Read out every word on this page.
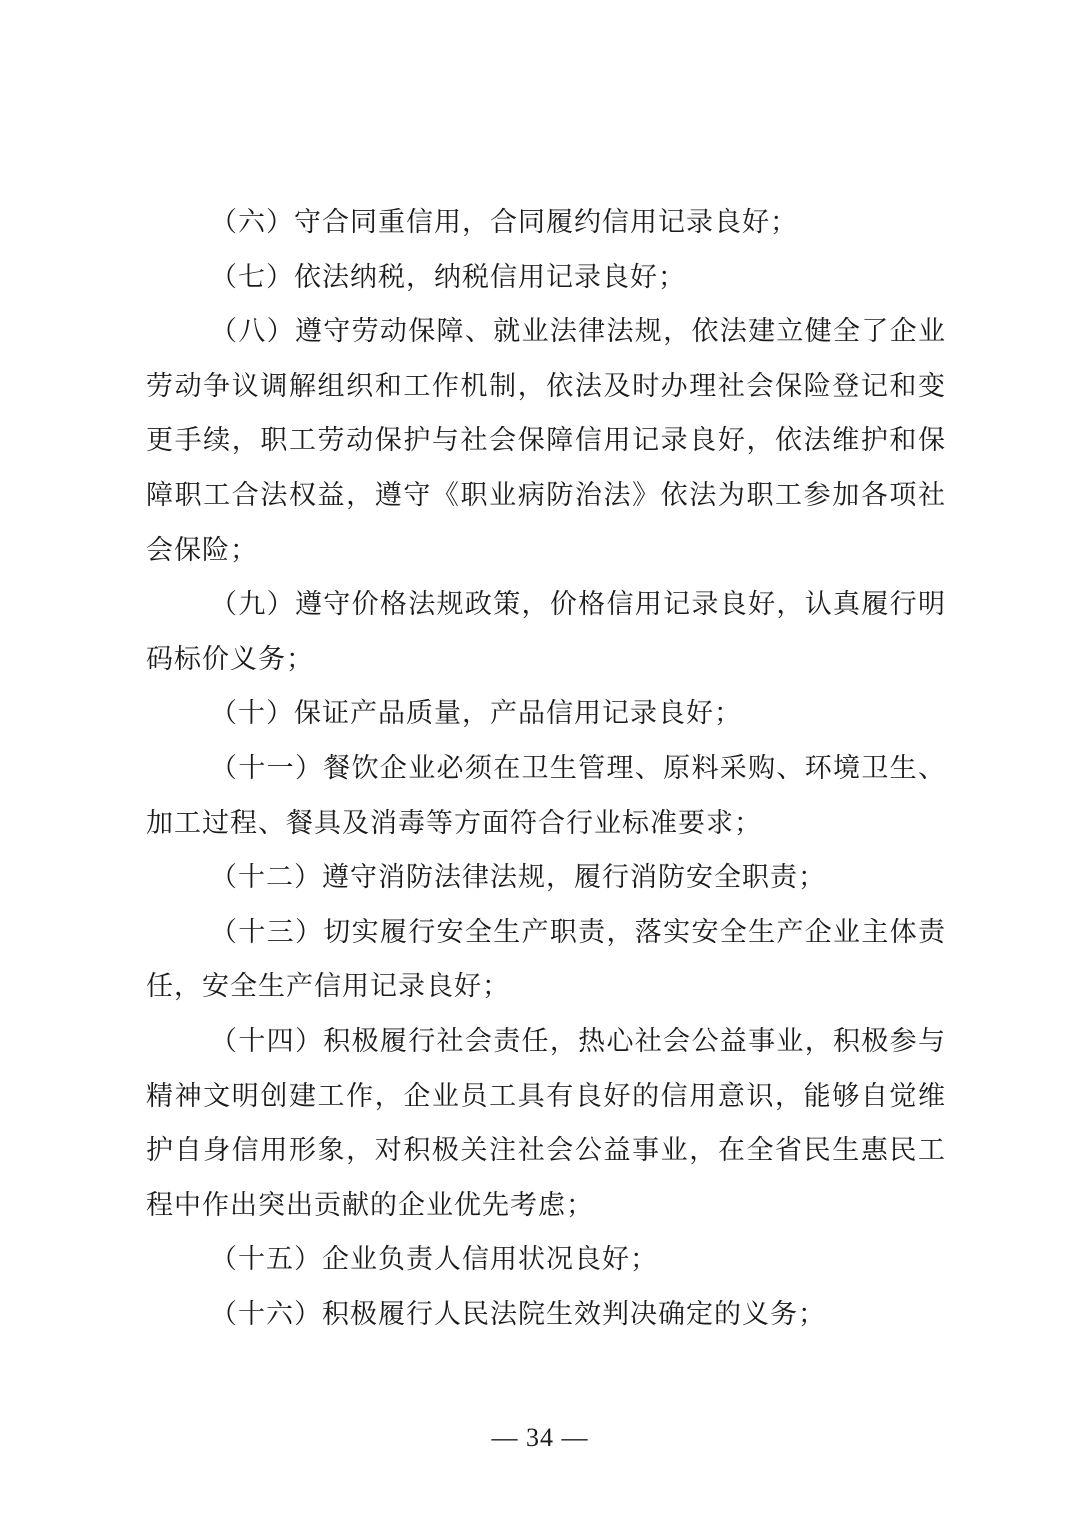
（六）守合同重信用，合同履约信用记录良好；

（七）依法纳税，纳税信用记录良好；

（八）遵守劳动保障、就业法律法规，依法建立健全了企业劳动争议调解组织和工作机制，依法及时办理社会保险登记和变更手续，职工劳动保护与社会保障信用记录良好，依法维护和保障职工合法权益，遵守《职业病防治法》依法为职工参加各项社会保险；

（九）遵守价格法规政策，价格信用记录良好，认真履行明码标价义务；

（十）保证产品质量，产品信用记录良好；

（十一）餐饮企业必须在卫生管理、原料采购、环境卫生、加工过程、餐具及消毒等方面符合行业标准要求；

（十二）遵守消防法律法规，履行消防安全职责；

（十三）切实履行安全生产职责，落实安全生产企业主体责任，安全生产信用记录良好；

（十四）积极履行社会责任，热心社会公益事业，积极参与精神文明创建工作，企业员工具有良好的信用意识，能够自觉维护自身信用形象，对积极关注社会公益事业，在全省民生惠民工程中作出突出贡献的企业优先考虑；

（十五）企业负责人信用状况良好；

（十六）积极履行人民法院生效判决确定的义务；

— 34 —
